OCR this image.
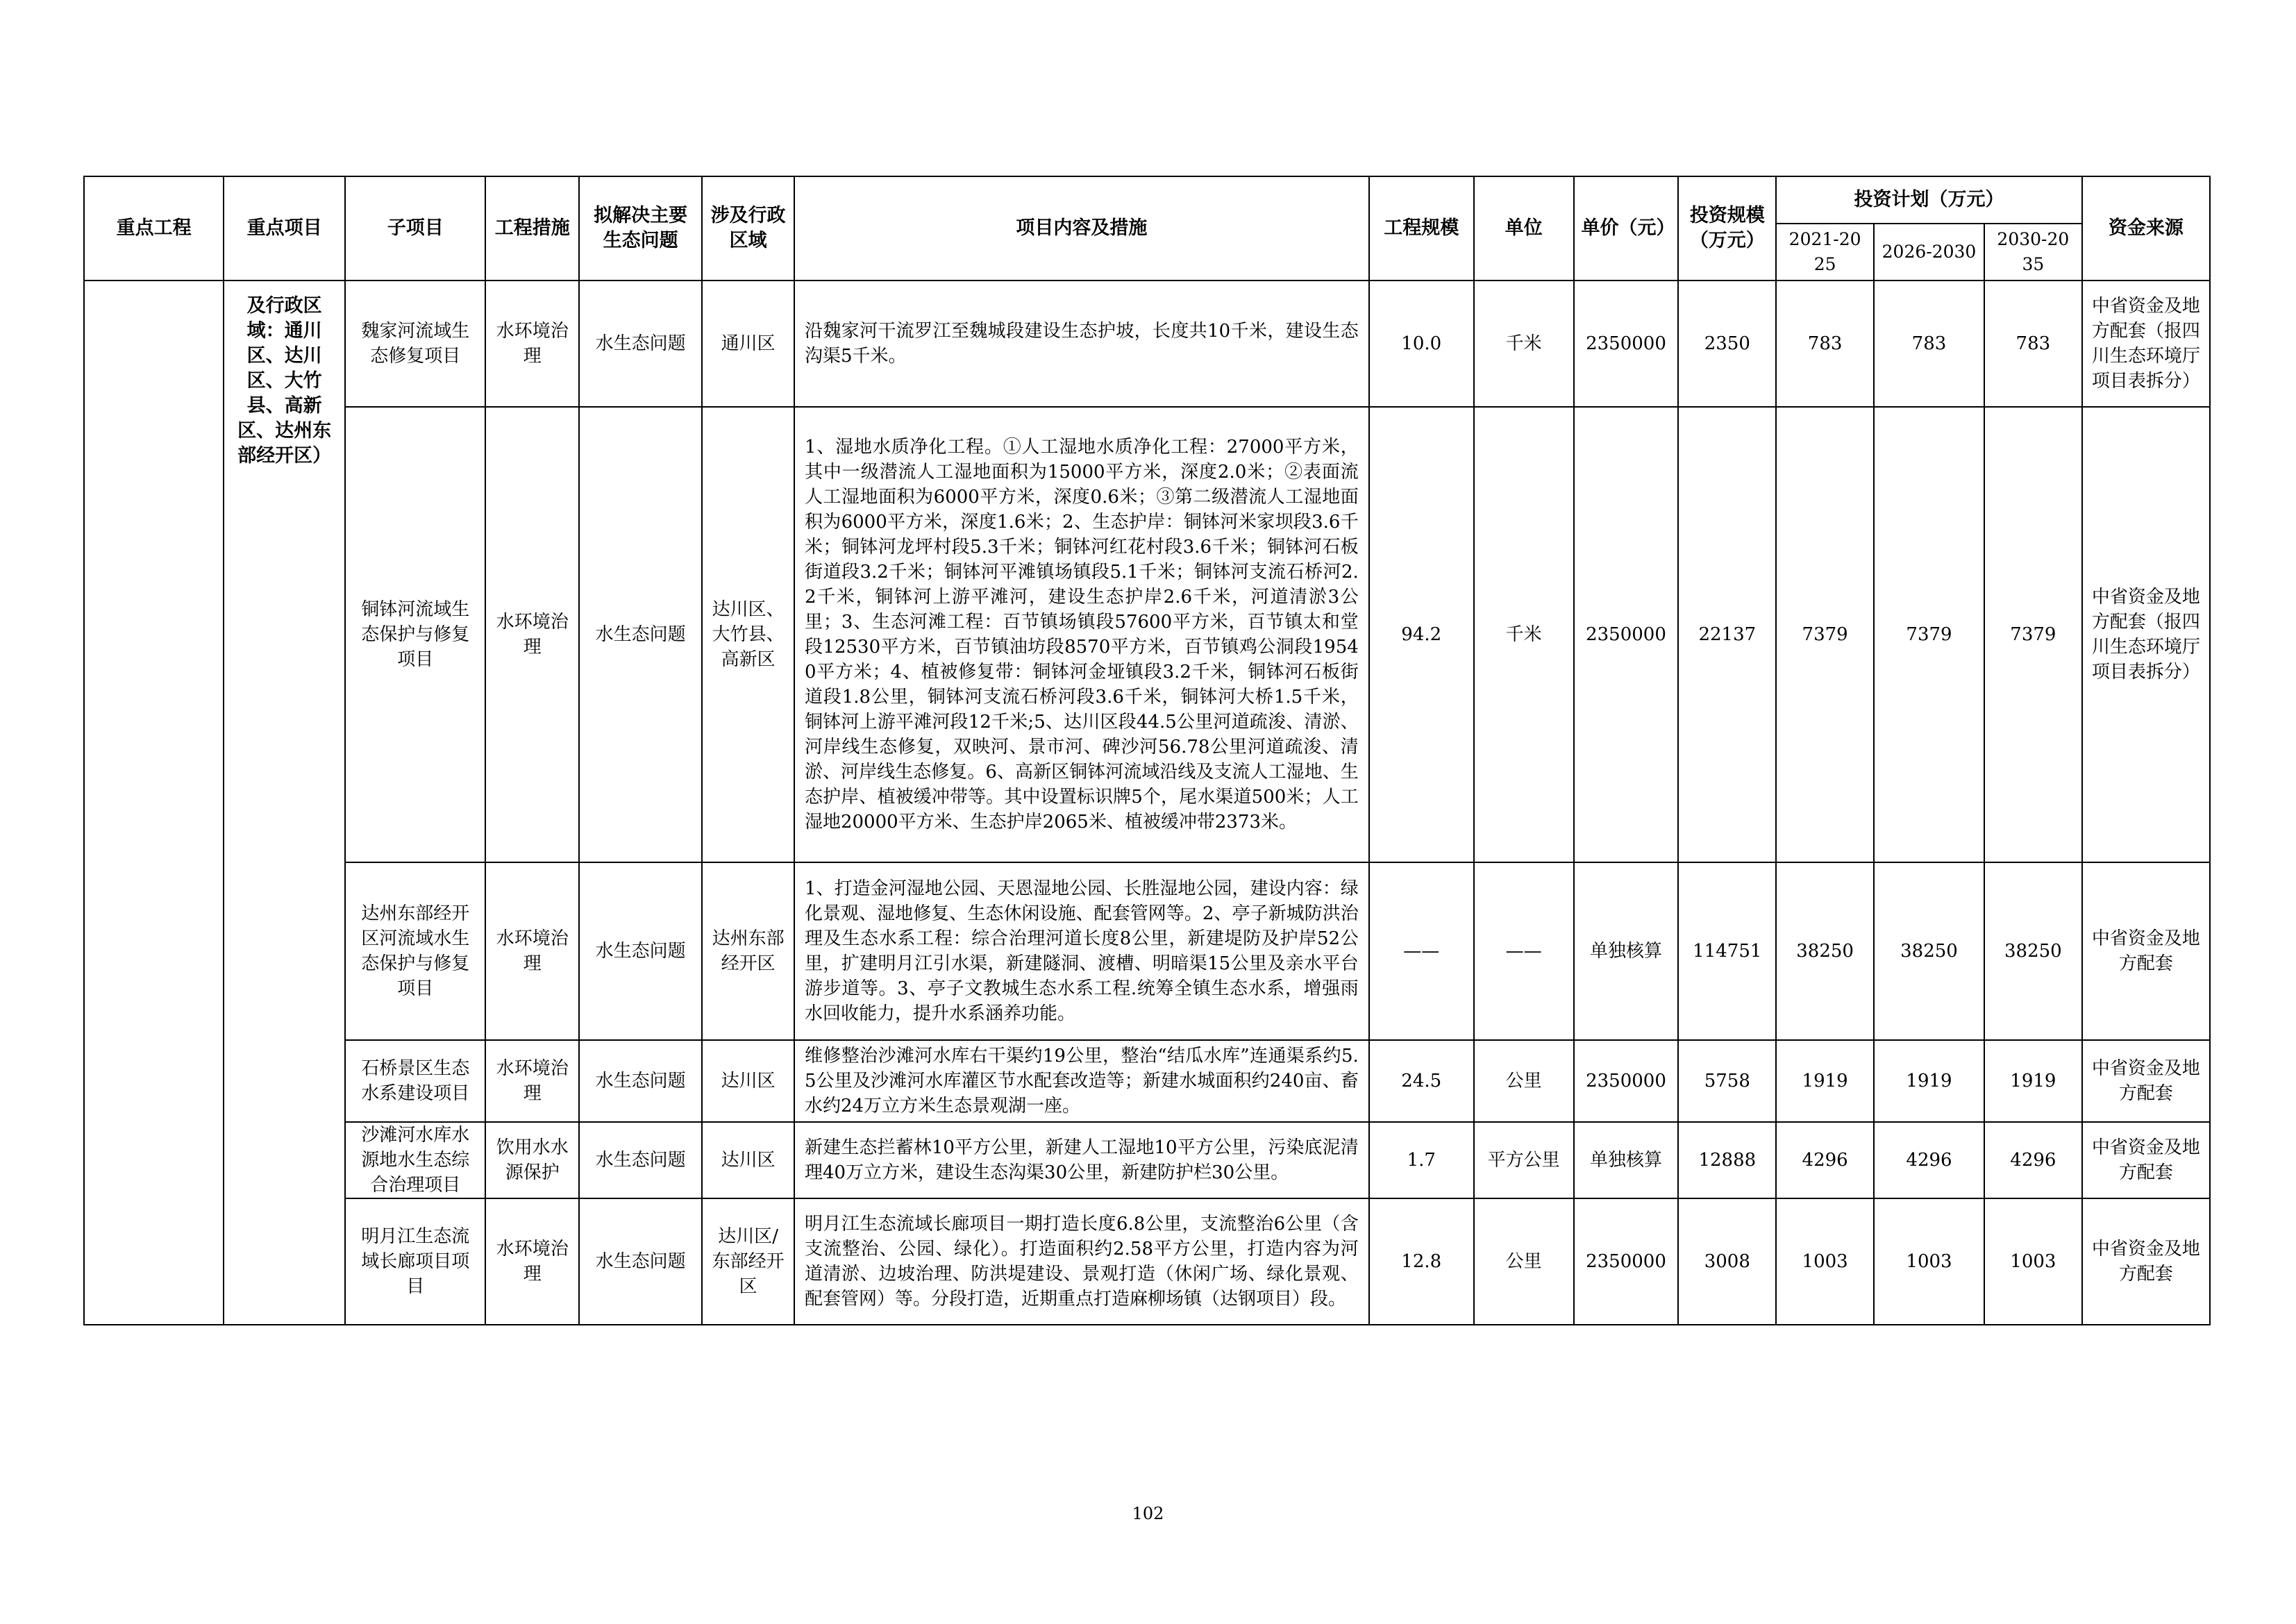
重点工程	重点项目	子项目	工程措施	拟解决主要生态问题	涉及行政区域	项目内容及措施	工程规模	单位	单价（元）	投资规模（万元）	投资计划（万元）			资金来源
											2021-2025	2026-2030	2030-2035	
	及行政区域：通川区、达川区、大竹县、高新区、达州东部经开区）	魏家河流域生态修复项目	水环境治理	水生态问题	通川区	沿魏家河干流罗江至魏城段建设生态护坡，长度共10千米，建设生态沟渠5千米。	10.0	千米	2350000	2350	783	783	783	中省资金及地方配套（报四川生态环境厅项目表拆分）
		铜钵河流域生态保护与修复项目	水环境治理	水生态问题	达川区、大竹县、高新区	1、湿地水质净化工程。①人工湿地水质净化工程：27000平方米，其中一级潜流人工湿地面积为15000平方米，深度2.0米；②表面流人工湿地面积为6000平方米，深度0.6米；③第二级潜流人工湿地面积为6000平方米，深度1.6米；2、生态护岸：铜钵河米家坝段3.6千米；铜钵河龙坪村段5.3千米；铜钵河红花村段3.6千米；铜钵河石板街道段3.2千米；铜钵河平滩镇场镇段5.1千米；铜钵河支流石桥河2.2千米，铜钵河上游平滩河，建设生态护岸2.6千米，河道清淤3公里；3、生态河滩工程：百节镇场镇段57600平方米，百节镇太和堂段12530平方米，百节镇油坊段8570平方米，百节镇鸡公洞段19540平方米；4、植被修复带：铜钵河金垭镇段3.2千米，铜钵河石板街道段1.8公里，铜钵河支流石桥河段3.6千米，铜钵河大桥1.5千米，铜钵河上游平滩河段12千米;5、达川区段44.5公里河道疏浚、清淤、河岸线生态修复，双映河、景市河、碑沙河56.78公里河道疏浚、清淤、河岸线生态修复。6、高新区铜钵河流域沿线及支流人工湿地、生态护岸、植被缓冲带等。其中设置标识牌5个，尾水渠道500米；人工湿地20000平方米、生态护岸2065米、植被缓冲带2373米。	94.2	千米	2350000	22137	7379	7379	7379	中省资金及地方配套（报四川生态环境厅项目表拆分）
		达州东部经开区河流域水生态保护与修复项目	水环境治理	水生态问题	达州东部经开区	1、打造金河湿地公园、天恩湿地公园、长胜湿地公园，建设内容：绿化景观、湿地修复、生态休闲设施、配套管网等。2、亭子新城防洪治理及生态水系工程：综合治理河道长度8公里，新建堤防及护岸52公里，扩建明月江引水渠，新建隧洞、渡槽、明暗渠15公里及亲水平台游步道等。3、亭子文教城生态水系工程.统筹全镇生态水系，增强雨水回收能力，提升水系涵养功能。	——	——	单独核算	114751	38250	38250	38250	中省资金及地方配套
		石桥景区生态水系建设项目	水环境治理	水生态问题	达川区	维修整治沙滩河水库右干渠约19公里，整治“结瓜水库”连通渠系约5.5公里及沙滩河水库灌区节水配套改造等；新建水城面积约240亩、畜水约24万立方米生态景观湖一座。	24.5	公里	2350000	5758	1919	1919	1919	中省资金及地方配套
		沙滩河水库水源地水生态综合治理项目	饮用水水源保护	水生态问题	达川区	新建生态拦蓄林10平方公里，新建人工湿地10平方公里，污染底泥清理40万立方米，建设生态沟渠30公里，新建防护栏30公里。	1.7	平方公里	单独核算	12888	4296	4296	4296	中省资金及地方配套
		明月江生态流域长廊项目项目	水环境治理	水生态问题	达川区/东部经开区	明月江生态流域长廊项目一期打造长度6.8公里，支流整治6公里（含支流整治、公园、绿化）。打造面积约2.58平方公里，打造内容为河道清淤、边坡治理、防洪堤建设、景观打造（休闲广场、绿化景观、配套管网）等。分段打造，近期重点打造麻柳场镇（达钢项目）段。	12.8	公里	2350000	3008	1003	1003	1003	中省资金及地方配套
102
